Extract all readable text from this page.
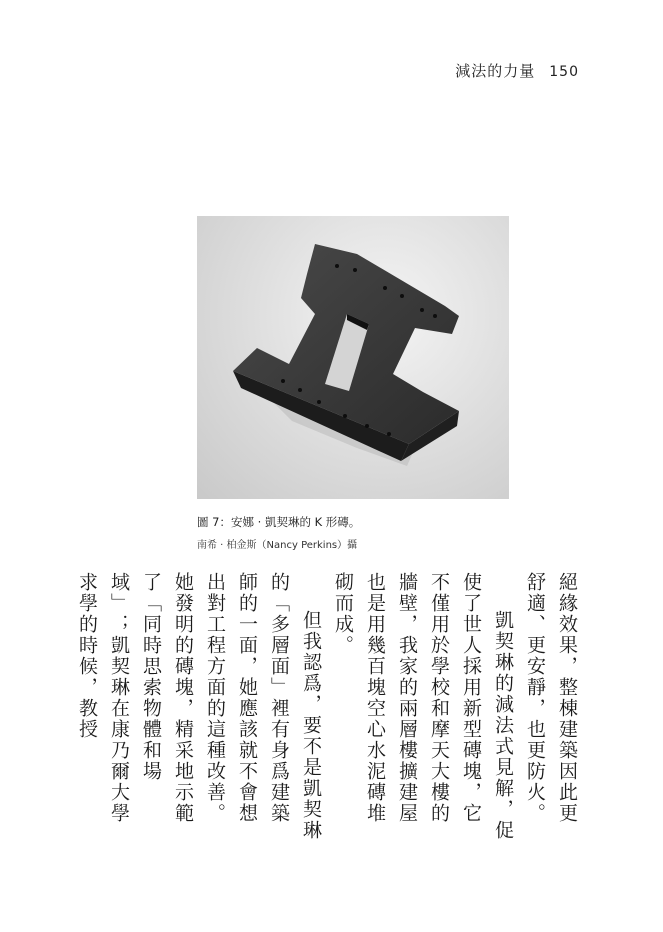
減法的力量 150
圖 7：安娜 ‧ 凱契琳的 K 形磚。
南希 ‧ 柏金斯（Nancy Perkins）攝

絕緣效果，整棟建築因此更舒適、更安靜，也更防火。

凱契琳的減法式見解，促使了世人採用新型磚塊，它不僅用於學校和摩天大樓的牆壁，我家的兩層樓擴建屋也是用幾百塊空心水泥磚堆砌而成。

但我認爲，要不是凱契琳的「多層面」裡有身爲建築師的一面，她應該就不會想出對工程方面的這種改善。她發明的磚塊，精采地示範了「同時思索物體和場域」；凱契琳在康乃爾大學求學的時候，教授
